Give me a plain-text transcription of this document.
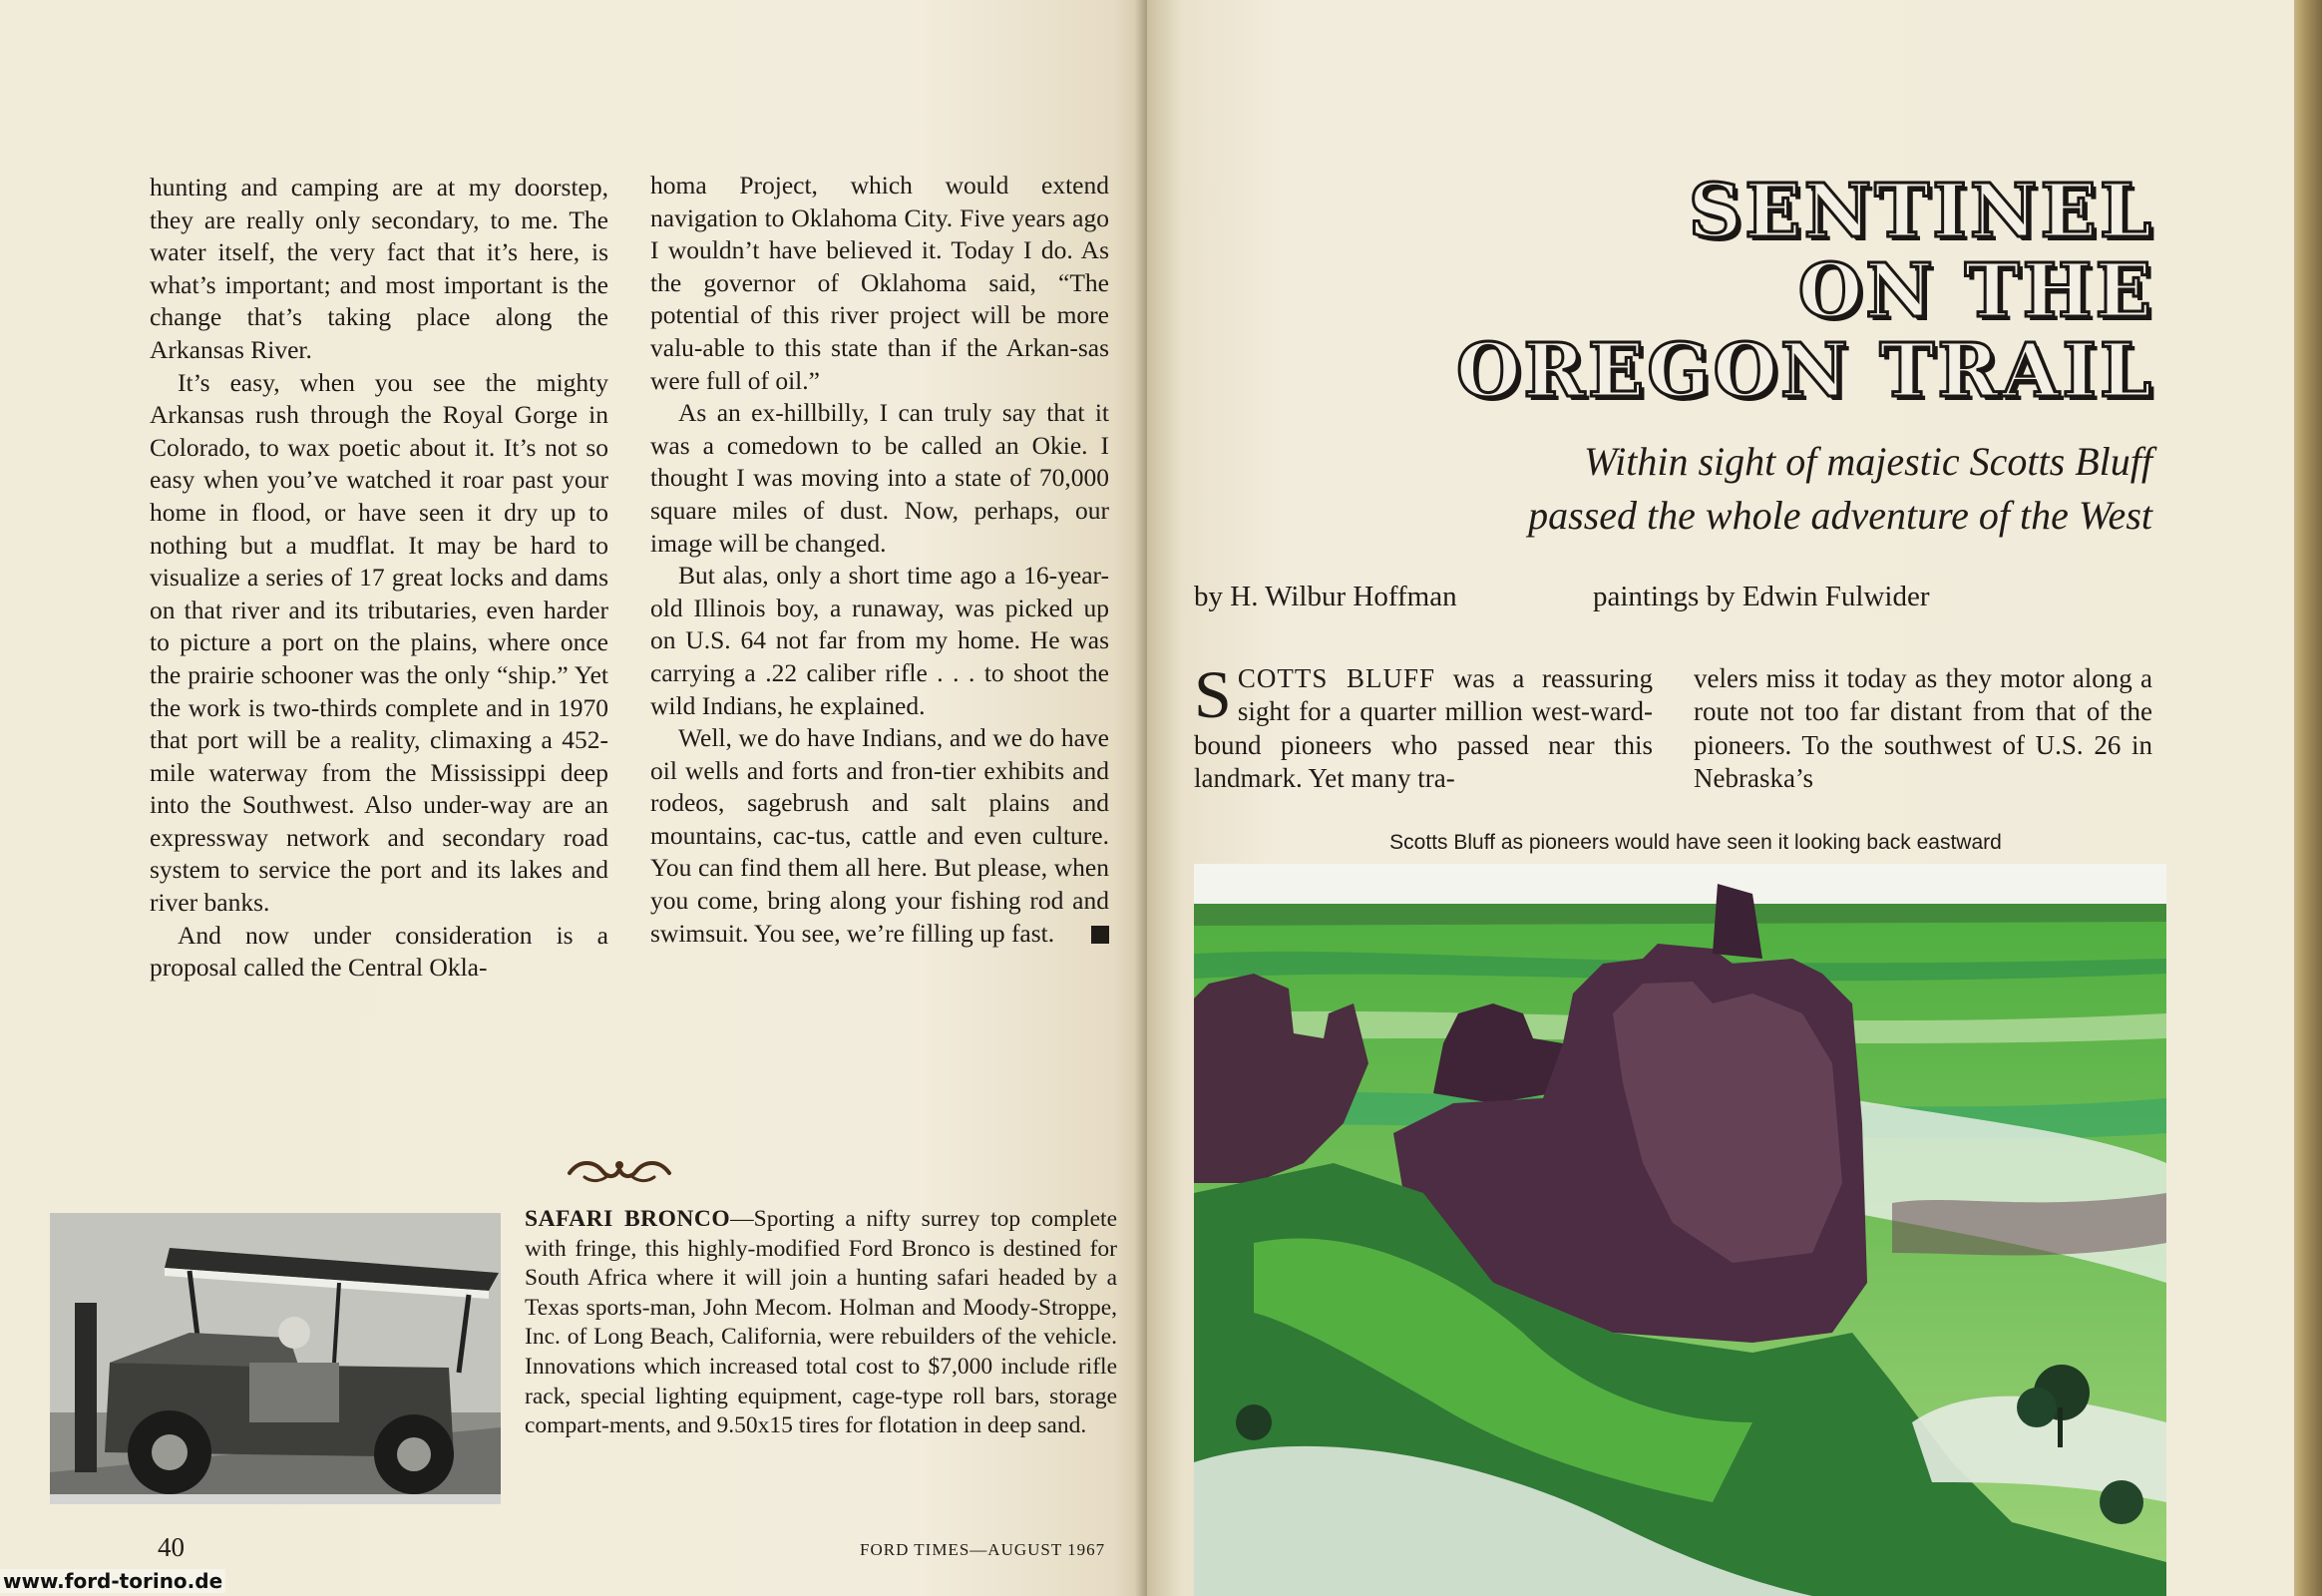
hunting and camping are at my doorstep, they are really only secondary, to me. The water itself, the very fact that it’s here, is what’s important; and most important is the change that’s taking place along the Arkansas River.

It’s easy, when you see the mighty Arkansas rush through the Royal Gorge in Colorado, to wax poetic about it. It’s not so easy when you’ve watched it roar past your home in flood, or have seen it dry up to nothing but a mudflat. It may be hard to visualize a series of 17 great locks and dams on that river and its tributaries, even harder to picture a port on the plains, where once the prairie schooner was the only “ship.” Yet the work is two-thirds complete and in 1970 that port will be a reality, climaxing a 452-mile waterway from the Mississippi deep into the Southwest. Also under-way are an expressway network and secondary road system to service the port and its lakes and river banks.

And now under consideration is a proposal called the Central Okla-

homa Project, which would extend navigation to Oklahoma City. Five years ago I wouldn’t have believed it. Today I do. As the governor of Oklahoma said, “The potential of this river project will be more valu-able to this state than if the Arkan-sas were full of oil.”

As an ex-hillbilly, I can truly say that it was a comedown to be called an Okie. I thought I was moving into a state of 70,000 square miles of dust. Now, perhaps, our image will be changed.

But alas, only a short time ago a 16-year-old Illinois boy, a runaway, was picked up on U.S. 64 not far from my home. He was carrying a .22 caliber rifle . . . to shoot the wild Indians, he explained.

Well, we do have Indians, and we do have oil wells and forts and fron-tier exhibits and rodeos, sagebrush and salt plains and mountains, cac-tus, cattle and even culture. You can find them all here. But please, when you come, bring along your fishing rod and swimsuit. You see, we’re filling up fast.

SAFARI BRONCO—Sporting a nifty surrey top complete with fringe, this highly-modified Ford Bronco is destined for South Africa where it will join a hunting safari headed by a Texas sports-man, John Mecom. Holman and Moody-Stroppe, Inc. of Long Beach, California, were rebuilders of the vehicle. Innovations which increased total cost to $7,000 include rifle rack, special lighting equipment, cage-type roll bars, storage compart-ments, and 9.50x15 tires for flotation in deep sand.

40	FORD TIMES—AUGUST 1967
SENTINEL
ON THE
OREGON TRAIL
Within sight of majestic Scotts Bluff
passed the whole adventure of the West
by H. Wilbur Hoffman	paintings by Edwin Fulwider
SCOTTS BLUFF was a reassuring sight for a quarter million west-ward-bound pioneers who passed near this landmark. Yet many tra-
velers miss it today as they motor along a route not too far distant from that of the pioneers. To the southwest of U.S. 26 in Nebraska’s
Scotts Bluff as pioneers would have seen it looking back eastward
www.ford-torino.de
